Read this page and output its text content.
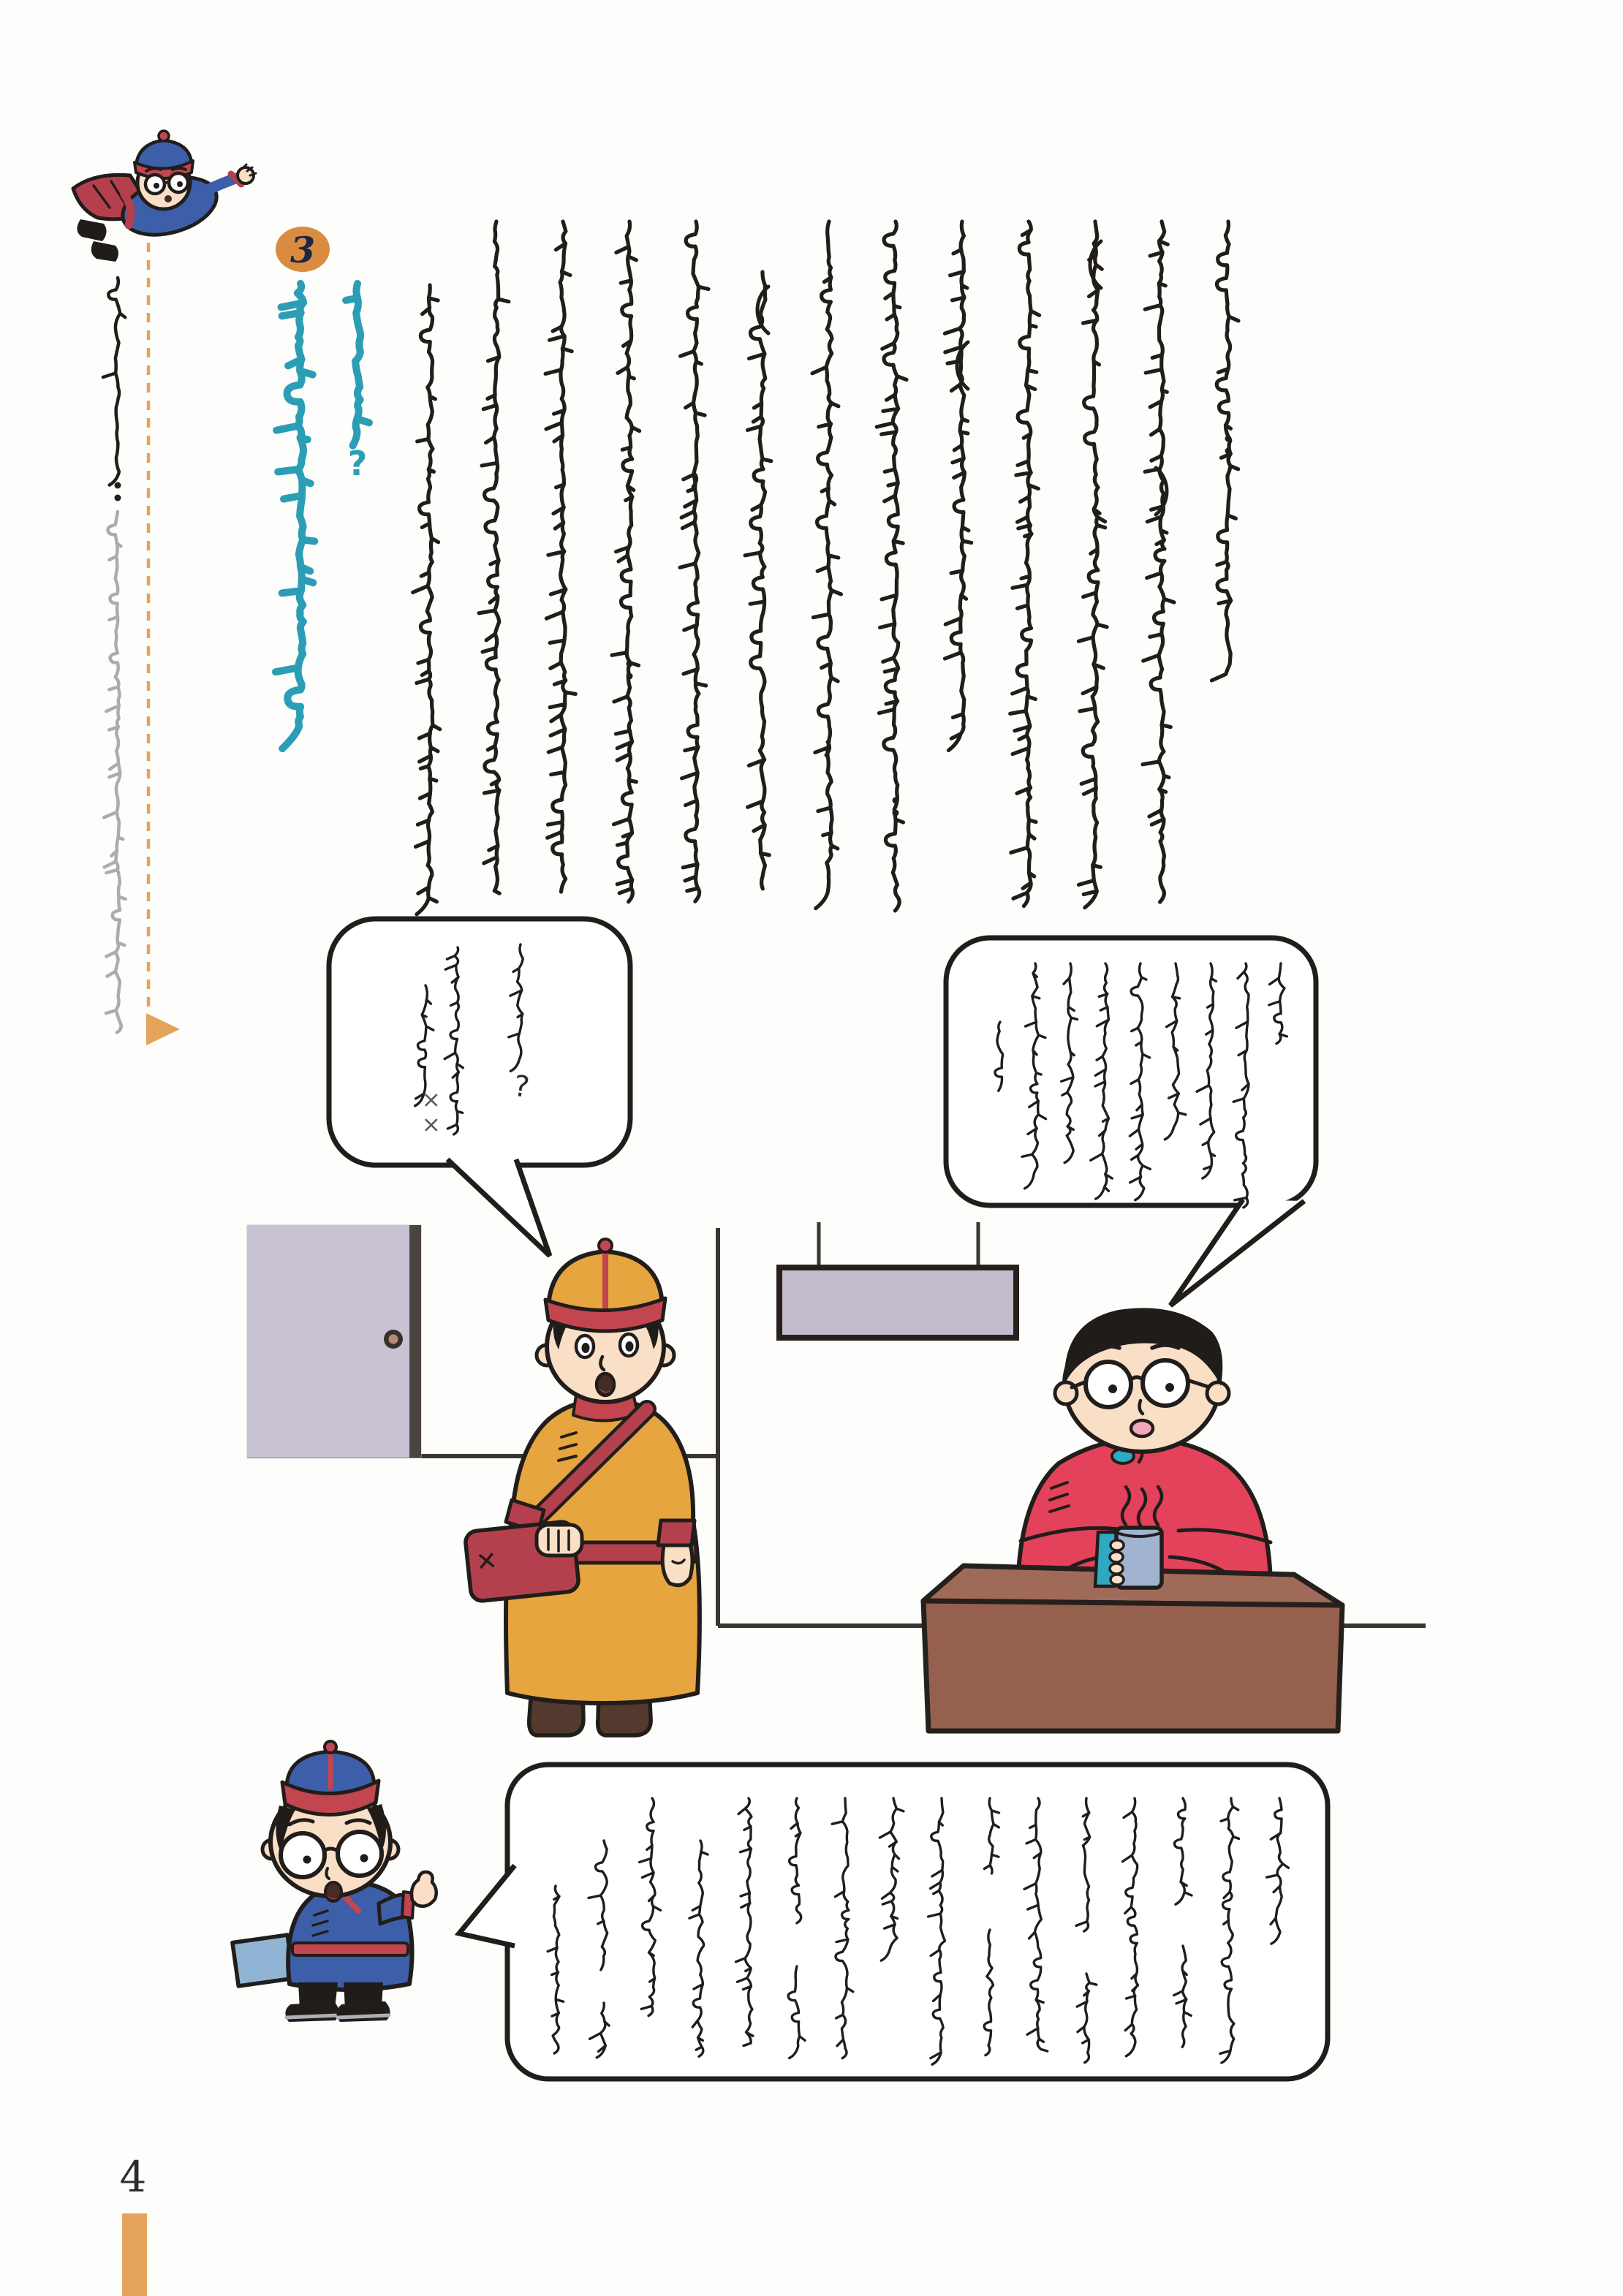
3
?
?
××
4
